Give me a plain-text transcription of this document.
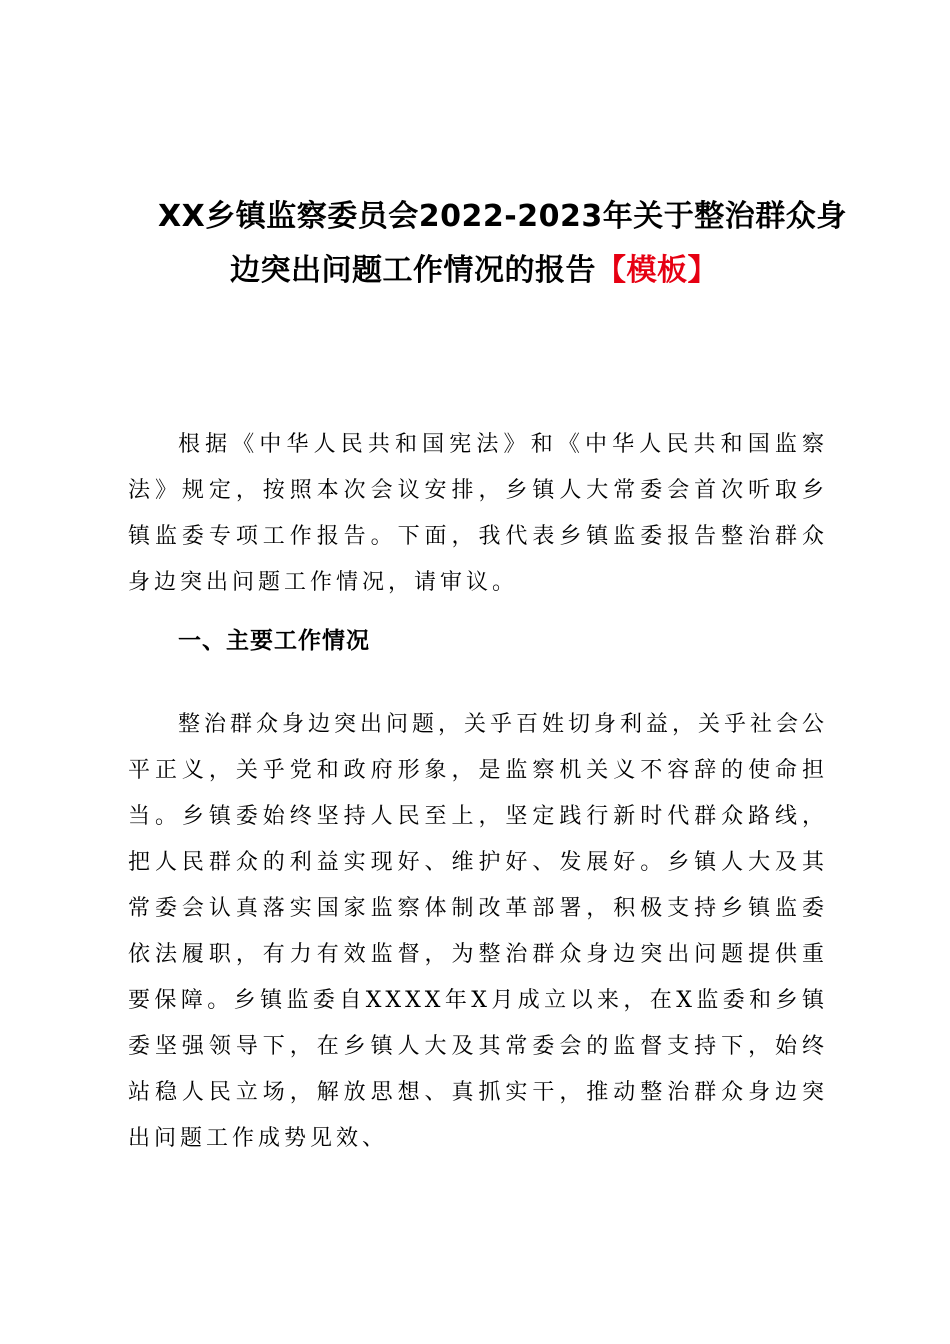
XX乡镇监察委员会2022-2023年关于整治群众身
边突出问题工作情况的报告【模板】

根据《中华人民共和国宪法》和《中华人民共和国监察法》规定，按照本次会议安排，乡镇人大常委会首次听取乡镇监委专项工作报告。下面，我代表乡镇监委报告整治群众身边突出问题工作情况，请审议。

一、主要工作情况

整治群众身边突出问题，关乎百姓切身利益，关乎社会公平正义，关乎党和政府形象，是监察机关义不容辞的使命担当。乡镇委始终坚持人民至上，坚定践行新时代群众路线，把人民群众的利益实现好、维护好、发展好。乡镇人大及其常委会认真落实国家监察体制改革部署，积极支持乡镇监委依法履职，有力有效监督，为整治群众身边突出问题提供重要保障。乡镇监委自XXXX年X月成立以来，在X监委和乡镇委坚强领导下，在乡镇人大及其常委会的监督支持下，始终站稳人民立场，解放思想、真抓实干，推动整治群众身边突出问题工作成势见效、
